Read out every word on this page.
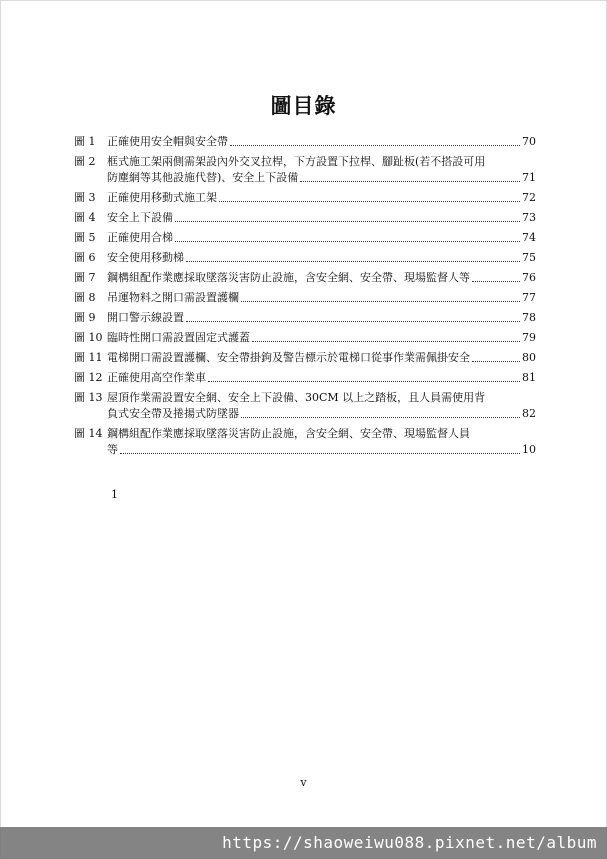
圖目錄
圖 1	正確使用安全帽與安全帶	70
圖 2	框式施工架兩側需架設內外交叉拉桿，下方設置下拉桿、腳趾板(若不搭設可用
防塵網等其他設施代替)、安全上下設備	71
圖 3	正確使用移動式施工架	72
圖 4	安全上下設備	73
圖 5	正確使用合梯	74
圖 6	安全使用移動梯	75
圖 7	鋼構組配作業應採取墜落災害防止設施，含安全網、安全帶、現場監督人等	76
圖 8	吊運物料之開口需設置護欄	77
圖 9	開口警示線設置	78
圖 10 臨時性開口需設置固定式護蓋	79
圖 11 電梯開口需設置護欄、安全帶掛鉤及警告標示於電梯口從事作業需佩掛安全	80
圖 12 正確使用高空作業車	81
圖 13 屋頂作業需設置安全網、安全上下設備、30CM 以上之踏板，且人員需使用背
負式安全帶及捲揚式防墜器	82
圖 14 鋼構組配作業應採取墜落災害防止設施，含安全網、安全帶、現場監督人員
等	10
1
v
https://shaoweiwu088.pixnet.net/album
